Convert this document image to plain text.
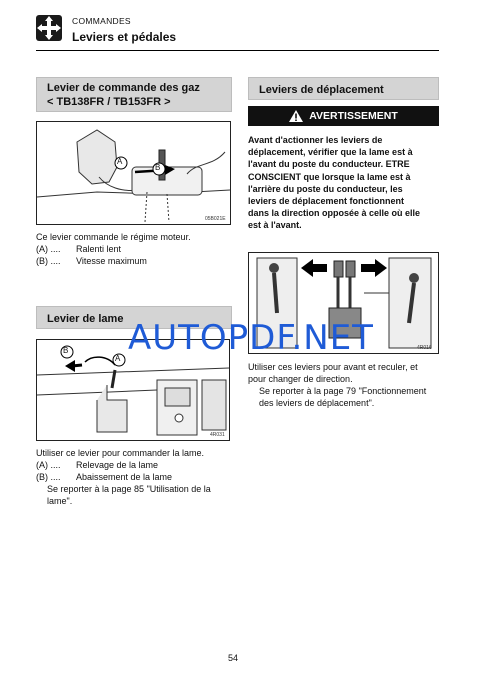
COMMANDES
Leviers et pédales
Levier de commande des gaz
< TB138FR / TB153FR >
A
B
05B021E
Ce levier commande le régime moteur.
(A) ....	Ralenti lent
(B) ....	Vitesse maximum
Levier de lame
B
A
4R031
Utiliser ce levier pour commander la lame.
(A) ....	Relevage de la lame
(B) ....	Abaissement de la lame
Se reporter à la page 85 "Utilisation de la
lame".
Leviers de déplacement
AVERTISSEMENT
Avant d'actionner les leviers de
déplacement, vérifier que la lame est à
l'avant du poste du conducteur. ETRE
CONSCIENT que lorsque la lame est à
l'arrière du poste du conducteur, les
leviers de déplacement fonctionnent
dans la direction opposée à celle où elle
est à l'avant.
4R016
Utiliser ces leviers pour avant et reculer, et
pour changer de direction.
Se reporter à la page 79 "Fonctionnement
des leviers de déplacement".
AUTOPDF.NET
54
